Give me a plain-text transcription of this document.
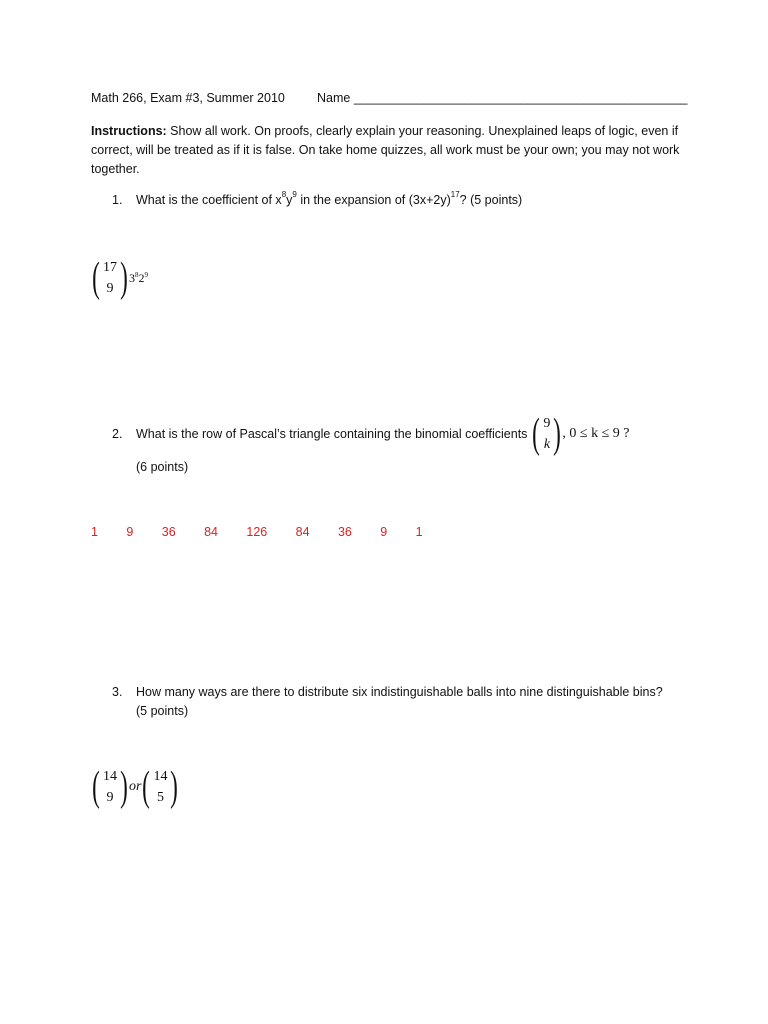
Math 266, Exam #3, Summer 2010	Name ________________________________________________
Instructions: Show all work. On proofs, clearly explain your reasoning. Unexplained leaps of logic, even if correct, will be treated as if it is false. On take home quizzes, all work must be your own; you may not work together.
1. What is the coefficient of $x^8y^9$ in the expansion of $(3x+2y)^{17}$? (5 points)
( 17
9 ) $3^82^9$
2.	What is the row of Pascal’s triangle containing the binomial coefficients ( 9
k ) , 0 ≤ k ≤ 9 ?
(6 points)
1   9   36   84   126   84   36   9   1
3. How many ways are there to distribute six indistinguishable balls into nine distinguishable bins?
(5 points)
( 14
9 ) or ( 14
5 )
